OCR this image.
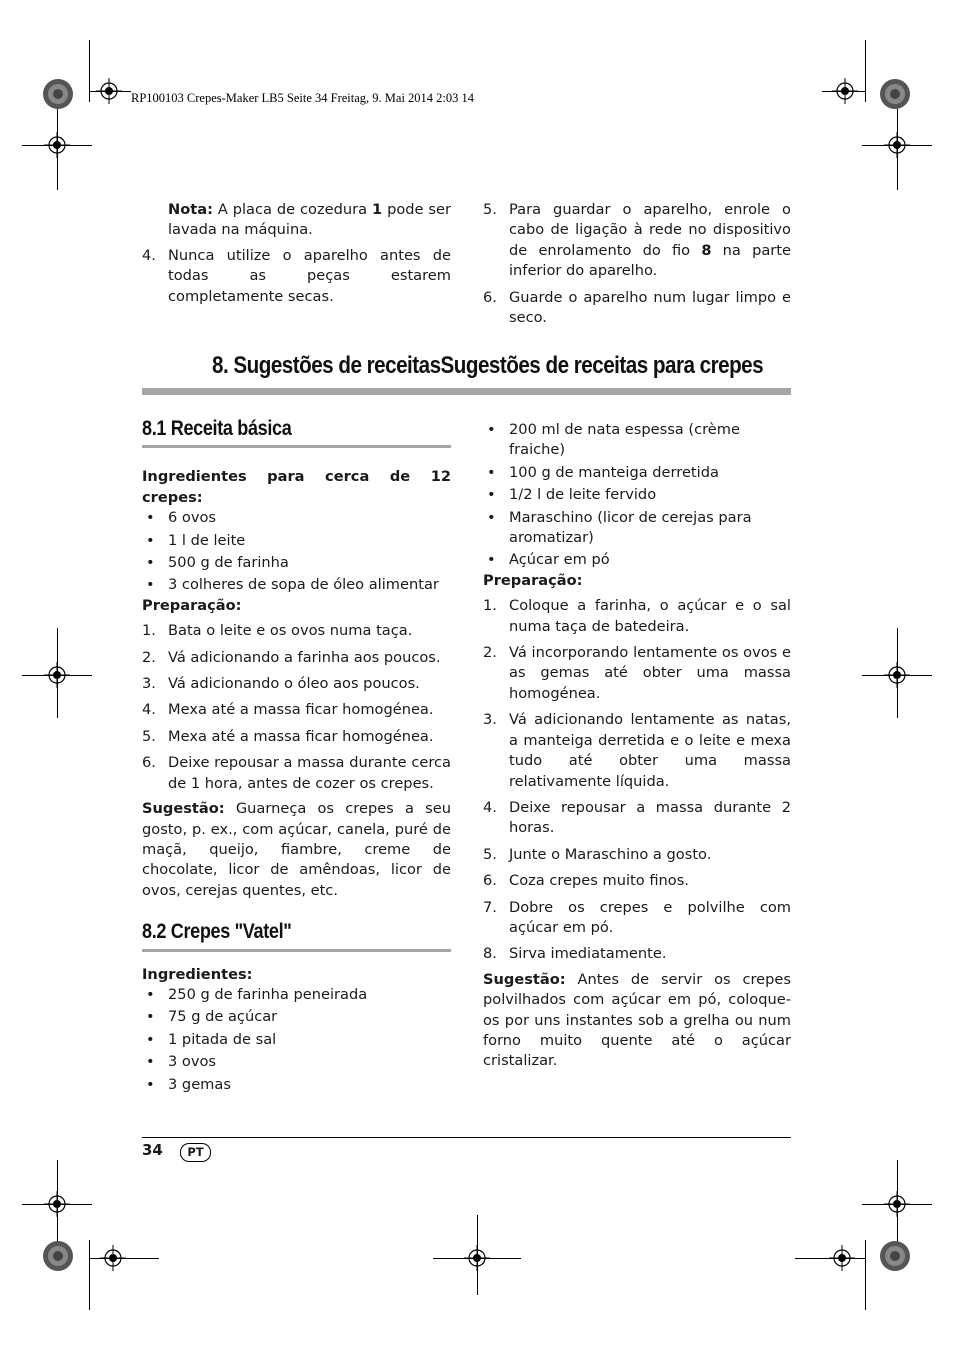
RP100103 Crepes-Maker LB5 Seite 34 Freitag, 9. Mai 2014 2:03 14

Nota: A placa de cozedura 1 pode ser lavada na máquina.

4. Nunca utilize o aparelho antes de todas as peças estarem completamente secas.
5. Para guardar o aparelho, enrole o cabo de ligação à rede no dispositivo de enrolamento do fio 8 na parte inferior do aparelho.
6. Guarde o aparelho num lugar limpo e seco.
8. Sugestões de receitasSugestões de receitas para crepes
8.1 Receita básica

Ingredientes para cerca de 12 crepes:

• 6 ovos
• 1 l de leite
• 500 g de farinha
• 3 colheres de sopa de óleo alimentar

Preparação:

1. Bata o leite e os ovos numa taça.
2. Vá adicionando a farinha aos poucos.
3. Vá adicionando o óleo aos poucos.
4. Mexa até a massa ficar homogénea.
5. Mexa até a massa ficar homogénea.
6. Deixe repousar a massa durante cerca de 1 hora, antes de cozer os crepes.

Sugestão: Guarneça os crepes a seu gosto, p. ex., com açúcar, canela, puré de maçã, queijo, fiambre, creme de chocolate, licor de amêndoas, licor de ovos, cerejas quentes, etc.

8.2 Crepes "Vatel"

Ingredientes:

• 250 g de farinha peneirada
• 75 g de açúcar
• 1 pitada de sal
• 3 ovos
• 3 gemas
• 200 ml de nata espessa (crème fraiche)
• 100 g de manteiga derretida
• 1/2 l de leite fervido
• Maraschino (licor de cerejas para aromatizar)
• Açúcar em pó

Preparação:

1. Coloque a farinha, o açúcar e o sal numa taça de batedeira.
2. Vá incorporando lentamente os ovos e as gemas até obter uma massa homogénea.
3. Vá adicionando lentamente as natas, a manteiga derretida e o leite e mexa tudo até obter uma massa relativamente líquida.
4. Deixe repousar a massa durante 2 horas.
5. Junte o Maraschino a gosto.
6. Coza crepes muito finos.
7. Dobre os crepes e polvilhe com açúcar em pó.
8. Sirva imediatamente.

Sugestão: Antes de servir os crepes polvilhados com açúcar em pó, coloque-os por uns instantes sob a grelha ou num forno muito quente até o açúcar cristalizar.

34	PT
